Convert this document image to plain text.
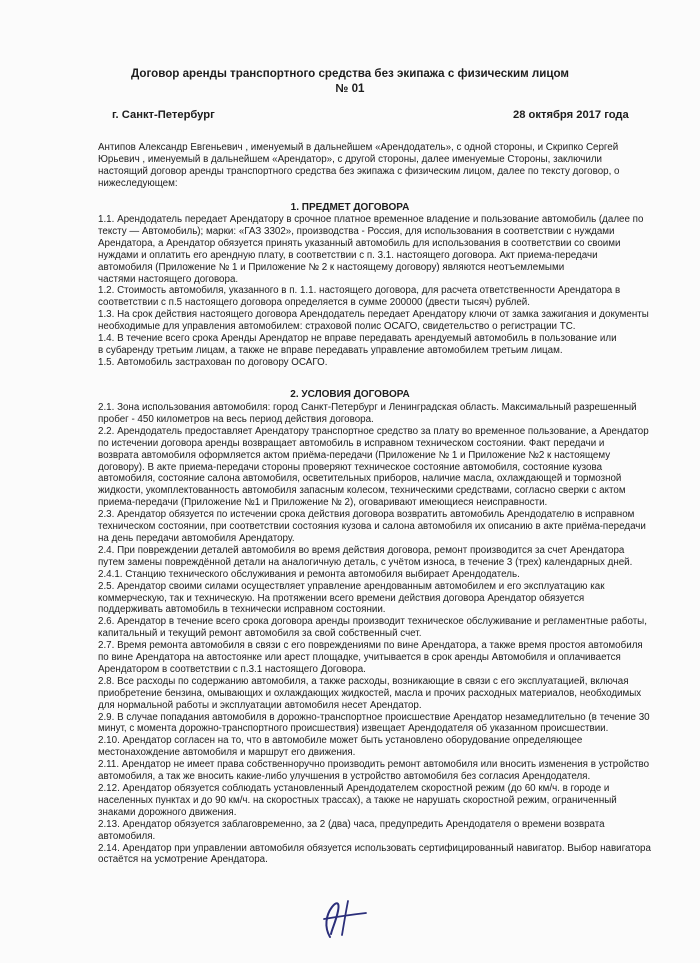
Договор аренды транспортного средства без экипажа с физическим лицом
№ 01
г. Санкт-Петербург	28 октября 2017 года

Антипов Александр Евгеньевич , именуемый в дальнейшем «Арендодатель», с одной стороны, и Скрипко Сергей

Юрьевич , именуемый в дальнейшем «Арендатор», с другой стороны, далее именуемые Стороны, заключили

настоящий договор аренды транспортного средства без экипажа с физическим лицом, далее по тексту договор, о

нижеследующем:

1. ПРЕДМЕТ ДОГОВОРА

1.1. Арендодатель передает Арендатору в срочное платное временное владение и пользование автомобиль (далее по

тексту — Автомобиль); марки: «ГАЗ 3302», производства - Россия, для использования в соответствии с нуждами

Арендатора, а Арендатор обязуется принять указанный автомобиль для использования в соответствии со своими

нуждами и оплатить его арендную плату, в соответствии с п. 3.1. настоящего договора. Акт приема-передачи

автомобиля (Приложение № 1 и Приложение № 2 к настоящему договору) являются неотъемлемыми

частями настоящего договора.

1.2. Стоимость автомобиля, указанного в п. 1.1. настоящего договора, для расчета ответственности Арендатора в

соответствии с п.5 настоящего договора определяется в сумме 200000 (двести тысяч) рублей.

1.3. На срок действия настоящего договора Арендодатель передает Арендатору ключи от замка зажигания и документы

необходимые для управления автомобилем: страховой полис ОСАГО, свидетельство о регистрации ТС.

1.4. В течение всего срока Аренды Арендатор не вправе передавать арендуемый автомобиль в пользование или

в субаренду третьим лицам, а также не вправе передавать управление автомобилем третьим лицам.

1.5. Автомобиль застрахован по договору ОСАГО.

2. УСЛОВИЯ ДОГОВОРА

2.1. Зона использования автомобиля: город Санкт-Петербург и Ленинградская область. Максимальный разрешенный

пробег - 450 километров на весь период действия договора.

2.2. Арендодатель предоставляет Арендатору транспортное средство за плату во временное пользование, а Арендатор

по истечении договора аренды возвращает автомобиль в исправном техническом состоянии. Факт передачи и

возврата автомобиля оформляется актом приёма-передачи (Приложение № 1 и Приложение №2 к настоящему

договору). В акте приема-передачи стороны проверяют техническое состояние автомобиля, состояние кузова

автомобиля, состояние салона автомобиля, осветительных приборов, наличие масла, охлаждающей и тормозной

жидкости, укомплектованность автомобиля запасным колесом, техническими средствами, согласно сверки с актом

приема-передачи (Приложение №1 и Приложение № 2), оговаривают имеющиеся неисправности.

2.3. Арендатор обязуется по истечении срока действия договора возвратить автомобиль Арендодателю в исправном

техническом состоянии, при соответствии состояния кузова и салона автомобиля их описанию в акте приёма-передачи

на день передачи автомобиля Арендатору.

2.4. При повреждении деталей автомобиля во время действия договора, ремонт производится за счет Арендатора

путем замены повреждённой детали на аналогичную деталь, с учётом износа, в течение 3 (трех) календарных дней.

2.4.1. Станцию технического обслуживания и ремонта автомобиля выбирает Арендодатель.

2.5. Арендатор своими силами осуществляет управление арендованным автомобилем и его эксплуатацию как

коммерческую, так и техническую. На протяжении всего времени действия договора Арендатор обязуется

поддерживать автомобиль в технически исправном состоянии.

2.6. Арендатор в течение всего срока договора аренды производит техническое обслуживание и регламентные работы,

капитальный и текущий ремонт автомобиля за свой собственный счет.

2.7. Время ремонта автомобиля в связи с его повреждениями по вине Арендатора, а также время простоя автомобиля

по вине Арендатора на автостоянке или арест площадке, учитывается в срок аренды Автомобиля и оплачивается

Арендатором в соответствии с п.3.1 настоящего Договора.

2.8. Все расходы по содержанию автомобиля, а также расходы, возникающие в связи с его эксплуатацией, включая

приобретение бензина, омывающих и охлаждающих жидкостей, масла и прочих расходных материалов, необходимых

для нормальной работы и эксплуатации автомобиля несет Арендатор.

2.9. В случае попадания автомобиля в дорожно-транспортное происшествие Арендатор незамедлительно (в течение 30

минут, с момента дорожно-транспортного происшествия) извещает Арендодателя об указанном происшествии.

2.10. Арендатор согласен на то, что в автомобиле может быть установлено оборудование определяющее

местонахождение автомобиля и маршрут его движения.

2.11. Арендатор не имеет права собственноручно производить ремонт автомобиля или вносить изменения в устройство

автомобиля, а так же вносить какие-либо улучшения в устройство автомобиля без согласия Арендодателя.

2.12. Арендатор обязуется соблюдать установленный Арендодателем скоростной режим (до 60 км/ч. в городе и

населенных пунктах и до 90 км/ч. на скоростных трассах), а также не нарушать скоростной режим, ограниченный

знаками дорожного движения.

2.13. Арендатор обязуется заблаговременно, за 2 (два) часа, предупредить Арендодателя о времени возврата

автомобиля.

2.14. Арендатор при управлении автомобиля обязуется использовать сертифицированный навигатор. Выбор навигатора

остаётся на усмотрение Арендатора.
